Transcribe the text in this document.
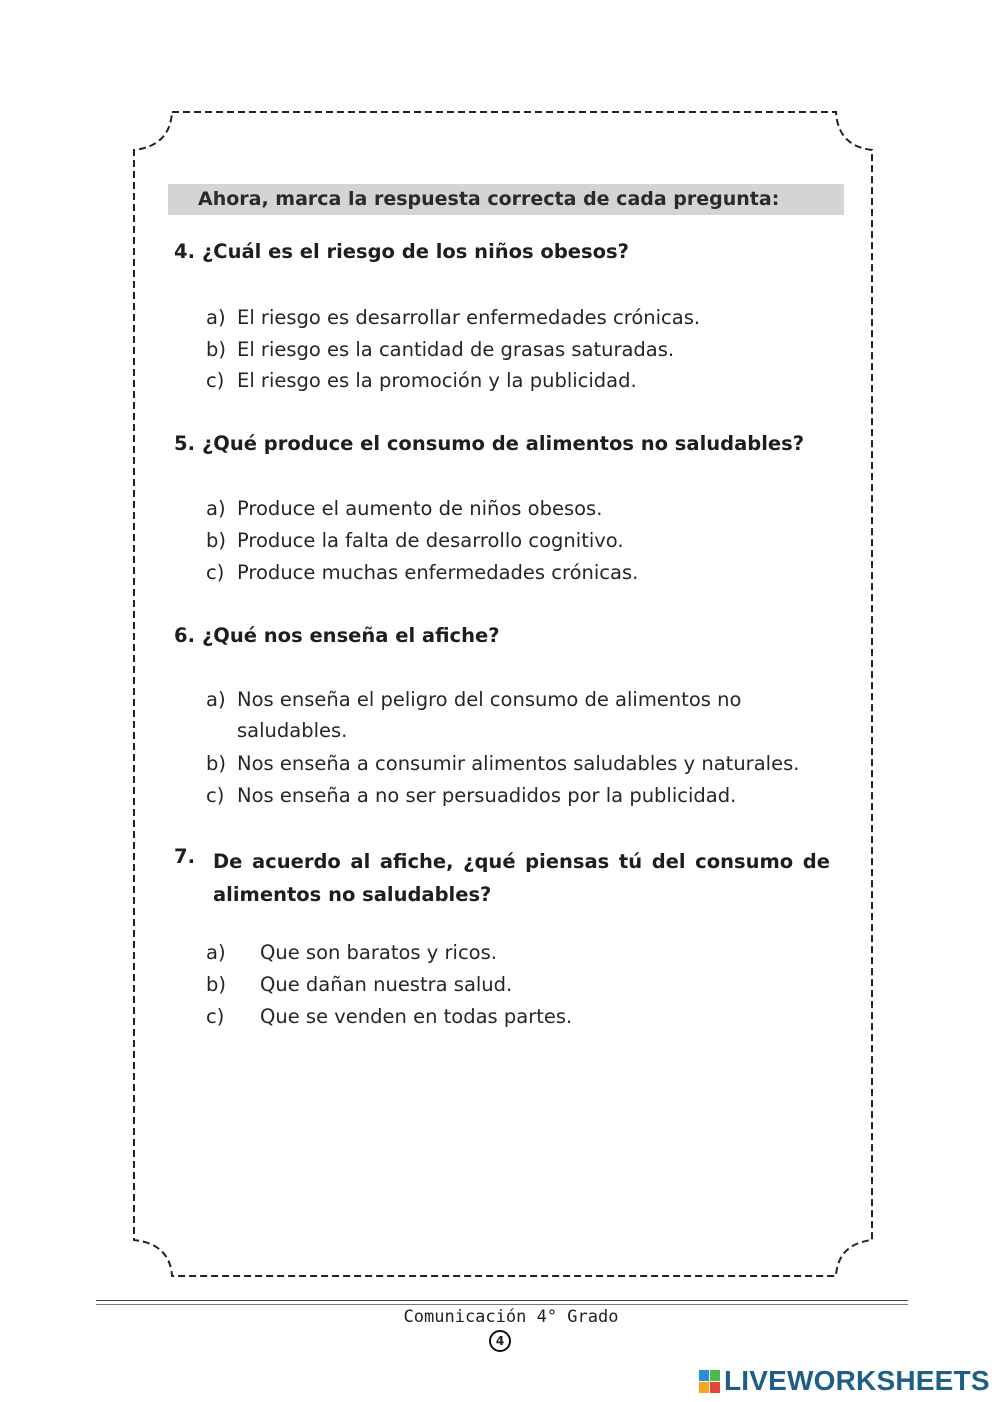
Ahora, marca la respuesta correcta de cada pregunta:
4. ¿Cuál es el riesgo de los niños obesos?
a) El riesgo es desarrollar enfermedades crónicas.
b) El riesgo es la cantidad de grasas saturadas.
c) El riesgo es la promoción y la publicidad.
5. ¿Qué produce el consumo de alimentos no saludables?
a) Produce el aumento de niños obesos.
b) Produce la falta de desarrollo cognitivo.
c) Produce muchas enfermedades crónicas.
6. ¿Qué nos enseña el afiche?
a) Nos enseña el peligro del consumo de alimentos no saludables.
b) Nos enseña a consumir alimentos saludables y naturales.
c) Nos enseña a no ser persuadidos por la publicidad.
7. De acuerdo al afiche, ¿qué piensas tú del consumo de alimentos no saludables?
a) Que son baratos y ricos.
b) Que dañan nuestra salud.
c) Que se venden en todas partes.
Comunicación 4° Grado
4
LIVEWORKSHEETS
